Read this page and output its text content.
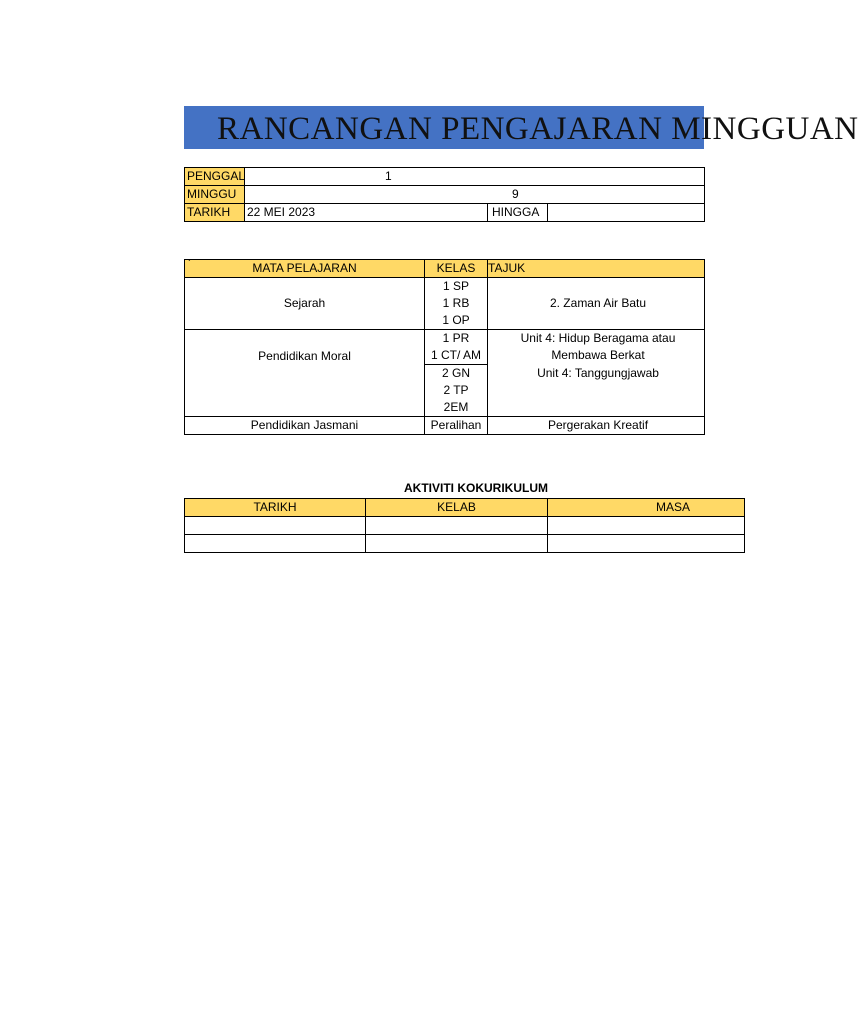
RANCANGAN PENGAJARAN MINGGUAN
PENGGAL	1		
MINGGU	9		
TARIKH	22 MEI 2023	HINGGA	
` MATA PELAJARAN	KELAS	TAJUK
Sejarah	1 SP	2. Zaman Air Batu
	1 RB	
	1 OP	
Pendidikan Moral	1 PR	Unit 4: Hidup Beragama atau
Membawa Berkat

	1 CT/ AM	
	2 GN	Unit 4: Tanggungjawab

	2 TP	
	2EM	
Pendidikan Jasmani	Peralihan	Pergerakan Kreatif
AKTIVITI KOKURIKULUM
TARIKH	KELAB	MASA
